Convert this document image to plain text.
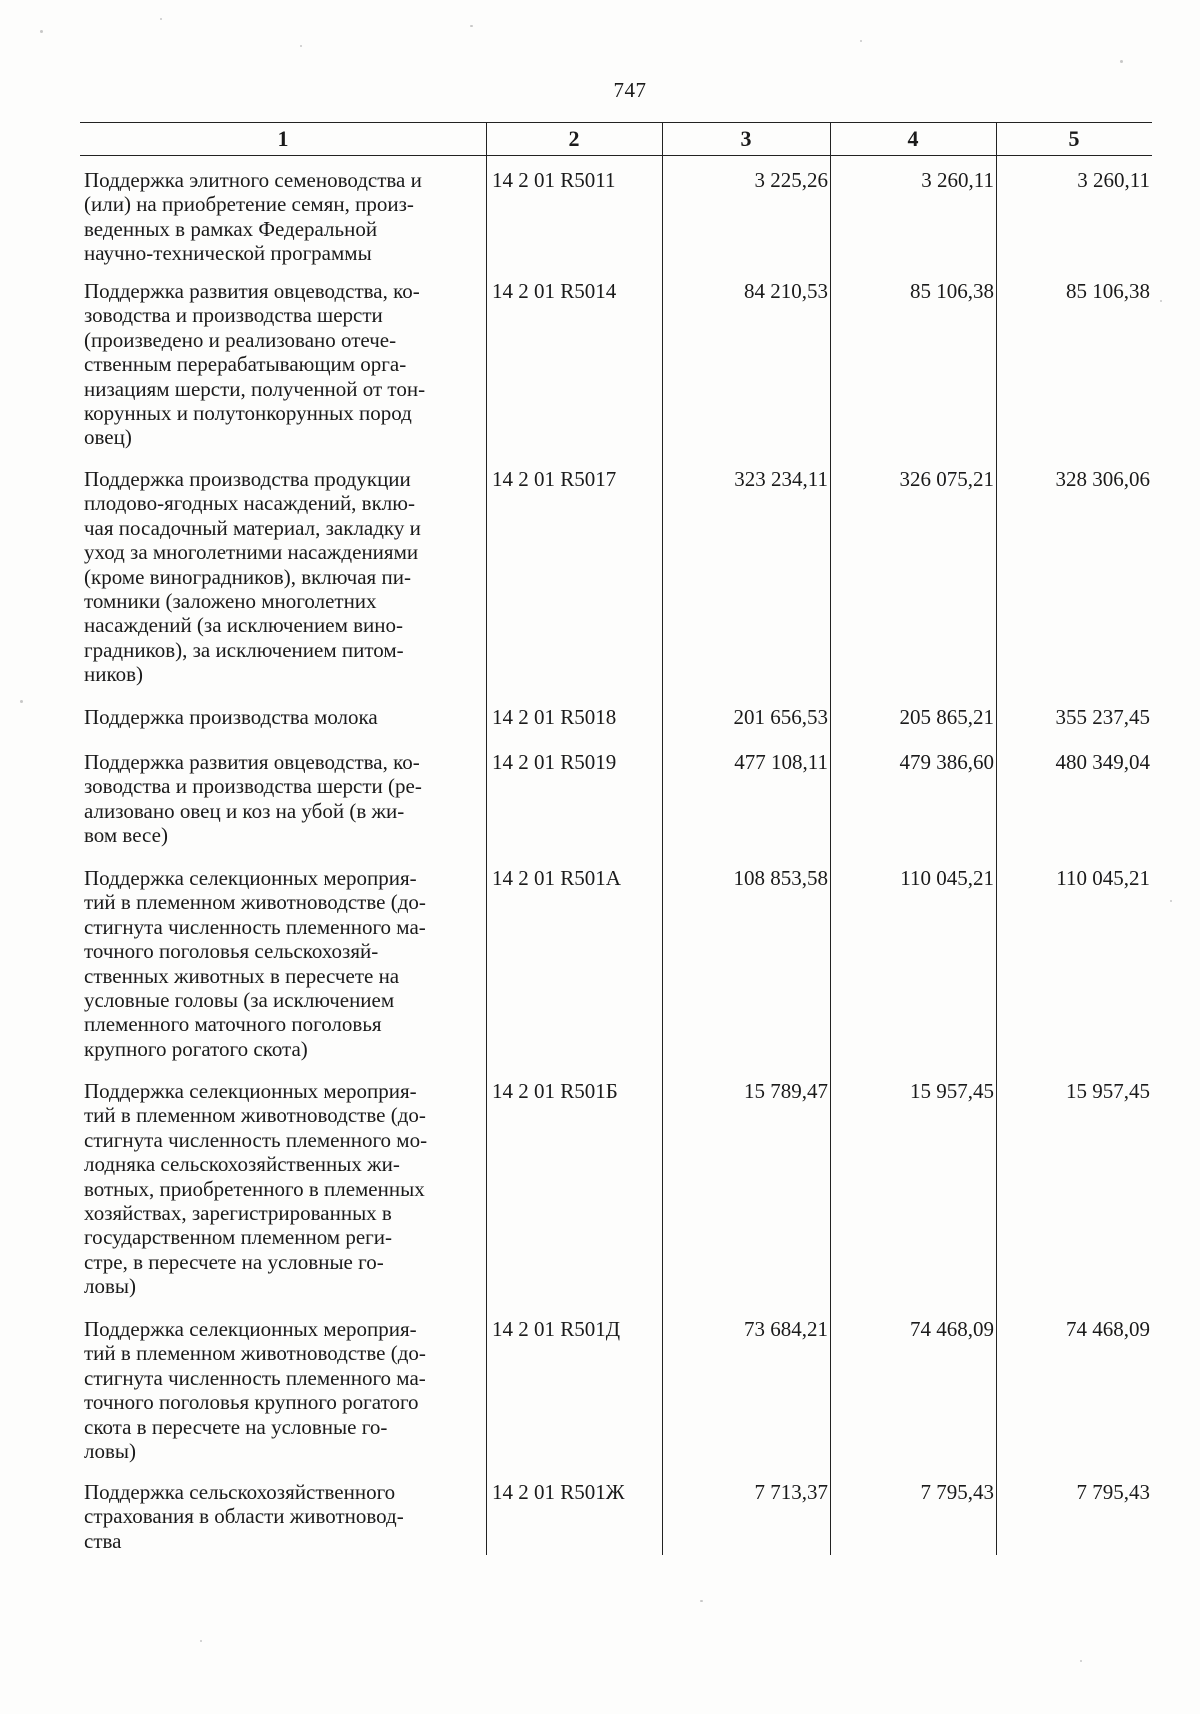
747
1	2	3	4	5
Поддержка элитного семеноводства и
(или) на приобретение семян, произ-
веденных в рамках Федеральной
научно-технической программы
14 2 01 R5011	3 225,26	3 260,11	3 260,11
Поддержка развития овцеводства, ко-
зоводства и производства шерсти
(произведено и реализовано отече-
ственным перерабатывающим орга-
низациям шерсти, полученной от тон-
корунных и полутонкорунных пород
овец)
14 2 01 R5014	84 210,53	85 106,38	85 106,38
Поддержка производства продукции
плодово-ягодных насаждений, вклю-
чая посадочный материал, закладку и
уход за многолетними насаждениями
(кроме виноградников), включая пи-
томники (заложено многолетних
насаждений (за исключением вино-
градников), за исключением питом-
ников)
14 2 01 R5017	323 234,11	326 075,21	328 306,06
Поддержка производства молока	14 2 01 R5018	201 656,53	205 865,21	355 237,45
Поддержка развития овцеводства, ко-
зоводства и производства шерсти (ре-
ализовано овец и коз на убой (в жи-
вом весе)
14 2 01 R5019	477 108,11	479 386,60	480 349,04
Поддержка селекционных мероприя-
тий в племенном животноводстве (до-
стигнута численность племенного ма-
точного поголовья сельскохозяй-
ственных животных в пересчете на
условные головы (за исключением
племенного маточного поголовья
крупного рогатого скота)
14 2 01 R501А	108 853,58	110 045,21	110 045,21
Поддержка селекционных мероприя-
тий в племенном животноводстве (до-
стигнута численность племенного мо-
лодняка сельскохозяйственных жи-
вотных, приобретенного в племенных
хозяйствах, зарегистрированных в
государственном племенном реги-
стре, в пересчете на условные го-
ловы)
14 2 01 R501Б	15 789,47	15 957,45	15 957,45
Поддержка селекционных мероприя-
тий в племенном животноводстве (до-
стигнута численность племенного ма-
точного поголовья крупного рогатого
скота в пересчете на условные го-
ловы)
14 2 01 R501Д	73 684,21	74 468,09	74 468,09
Поддержка сельскохозяйственного
страхования в области животновод-
ства
14 2 01 R501Ж	7 713,37	7 795,43	7 795,43
